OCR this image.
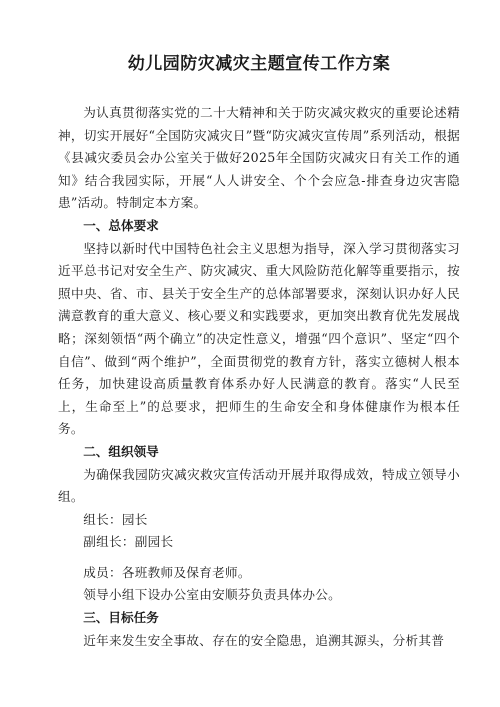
幼儿园防灾减灾主题宣传工作方案

为认真贯彻落实党的二十大精神和关于防灾减灾救灾的重要论述精神，切实开展好“全国防灾减灾日”暨“防灾减灾宣传周”系列活动，根据《县减灾委员会办公室关于做好2025年全国防灾减灾日有关工作的通知》结合我园实际，开展“人人讲安全、个个会应急-排查身边灾害隐患”活动。特制定本方案。

一、总体要求

坚持以新时代中国特色社会主义思想为指导，深入学习贯彻落实习近平总书记对安全生产、防灾减灾、重大风险防范化解等重要指示，按照中央、省、市、县关于安全生产的总体部署要求，深刻认识办好人民满意教育的重大意义、核心要义和实践要求，更加突出教育优先发展战略；深刻领悟“两个确立”的决定性意义，增强“四个意识”、坚定“四个自信”、做到“两个维护”，全面贯彻党的教育方针，落实立德树人根本任务，加快建设高质量教育体系办好人民满意的教育。落实“人民至上，生命至上”的总要求，把师生的生命安全和身体健康作为根本任务。

二、组织领导

为确保我园防灾减灾救灾宣传活动开展并取得成效，特成立领导小组。

组长：园长

副组长：副园长

成员：各班教师及保育老师。

领导小组下设办公室由安顺芬负责具体办公。

三、目标任务

近年来发生安全事故、存在的安全隐患，追溯其源头，分析其普
